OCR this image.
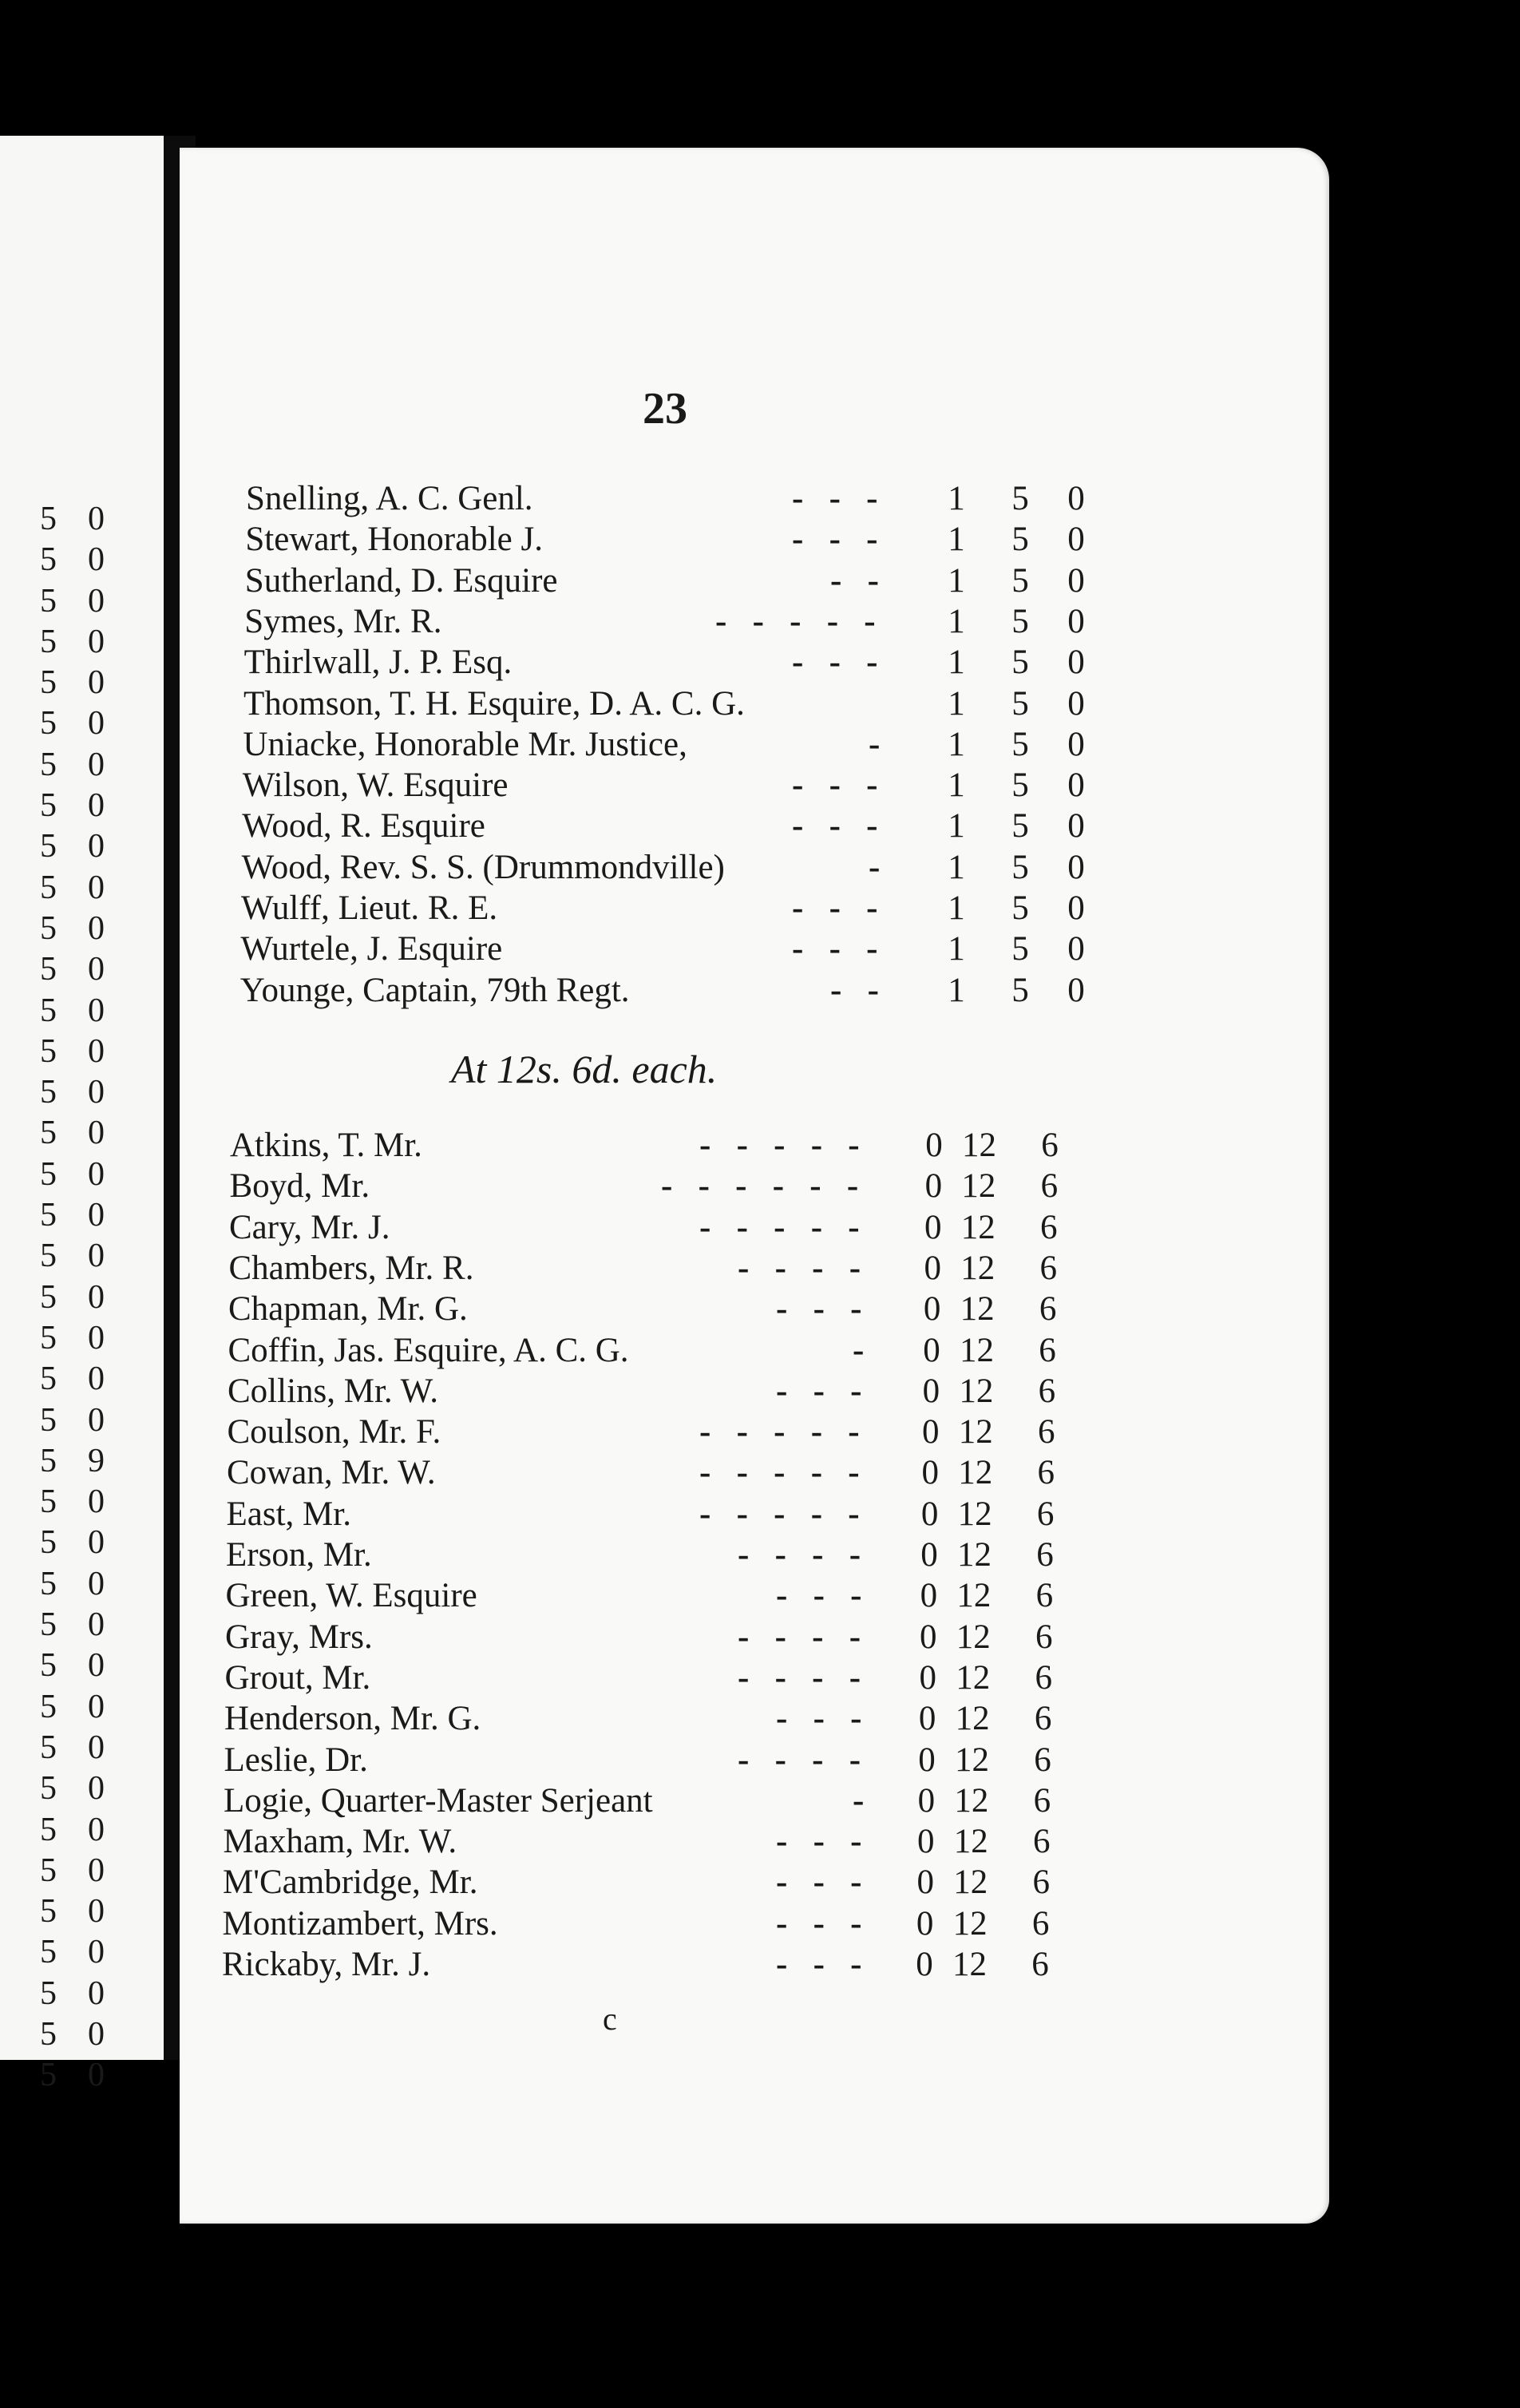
5 0
5 0
5 0
5 0
5 0
5 0
5 0
5 0
5 0
5 0
5 0
5 0
5 0
5 0
5 0
5 0
5 0
5 0
5 0
5 0
5 0
5 0
5 0
5 9
5 0
5 0
5 0
5 0
5 0
5 0
5 0
5 0
5 0
5 0
5 0
5 0
5 0
5 0
5 0
23
Snelling, A. C. Genl.	-   -   - 1 5 0
Stewart, Honorable J.	-   -   - 1 5 0
Sutherland, D. Esquire	-   - 1 5 0
Symes, Mr. R.	-   -   -   -   - 1 5 0
Thirlwall, J. P. Esq.	-   -   - 1 5 0
Thomson, T. H. Esquire, D. A. C. G.	1 5 0
Uniacke, Honorable Mr. Justice,	- 1 5 0
Wilson, W. Esquire	-   -   - 1 5 0
Wood, R. Esquire	-   -   - 1 5 0
Wood, Rev. S. S. (Drummondville)	- 1 5 0
Wulff, Lieut. R. E.	-   -   - 1 5 0
Wurtele, J. Esquire	-   -   - 1 5 0
Younge, Captain, 79th Regt.	-   - 1 5 0
At 12s. 6d. each.
Atkins, T. Mr.	-   -   -   -   - 0 12 6
Boyd, Mr.	-   -   -   -   -   - 0 12 6
Cary, Mr. J.	-   -   -   -   - 0 12 6
Chambers, Mr. R.	-   -   -   - 0 12 6
Chapman, Mr. G.	-   -   - 0 12 6
Coffin, Jas. Esquire, A. C. G.	- 0 12 6
Collins, Mr. W.	-   -   - 0 12 6
Coulson, Mr. F.	-   -   -   -   - 0 12 6
Cowan, Mr. W.	-   -   -   -   - 0 12 6
East, Mr.	-   -   -   -   - 0 12 6
Erson, Mr.	-   -   -   - 0 12 6
Green, W. Esquire	-   -   - 0 12 6
Gray, Mrs.	-   -   -   - 0 12 6
Grout, Mr.	-   -   -   - 0 12 6
Henderson, Mr. G.	-   -   - 0 12 6
Leslie, Dr.	-   -   -   - 0 12 6
Logie, Quarter-Master Serjeant	- 0 12 6
Maxham, Mr. W.	-   -   - 0 12 6
M'Cambridge, Mr.	-   -   - 0 12 6
Montizambert, Mrs.	-   -   - 0 12 6
Rickaby, Mr. J.	-   -   - 0 12 6
c
